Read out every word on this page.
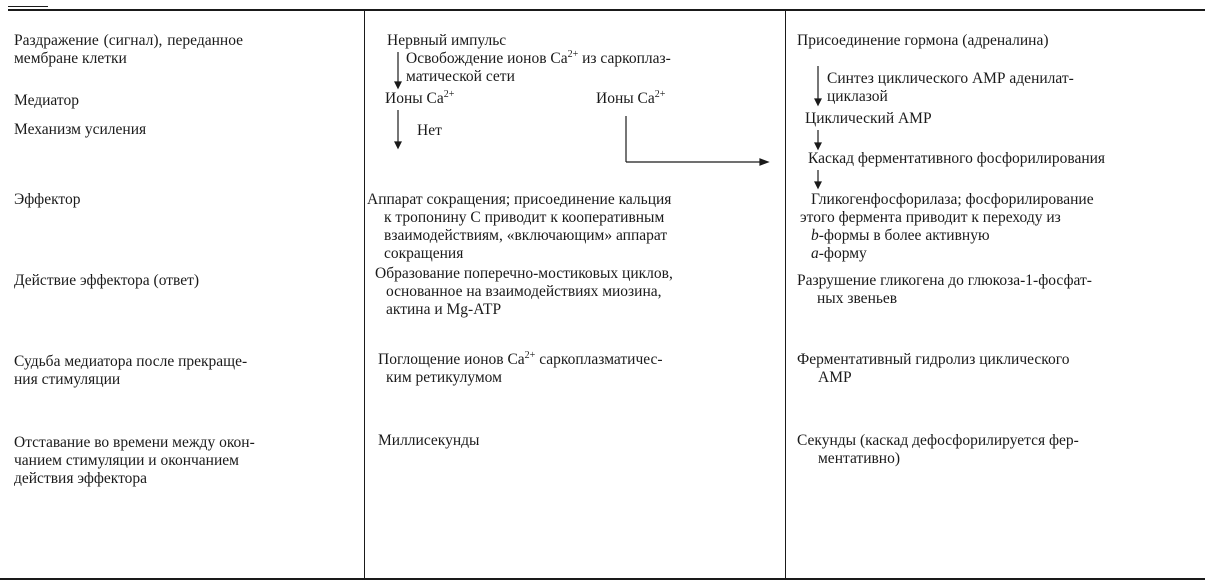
Раздражение (сигнал), переданное
мембране клетки
Медиатор
Механизм усиления
Эффектор
Действие эффектора (ответ)
Судьба медиатора после прекраще-
ния стимуляции
Отставание во времени между окон-
чанием стимуляции и окончанием
действия эффектора
Нервный импульс
Освобождение ионов $Са^{2+}$ из саркоплаз-
матической сети
Ионы $Са^{2+}$	Ионы $Са^{2+}$
Нет
Аппарат сокращения; присоединение кальция
к тропонину С приводит к кооперативным
взаимодействиям, «включающим» аппарат
сокращения
Образование поперечно-мостиковых циклов,
основанное на взаимодействиях миозина,
актина и Mg-АТР
Поглощение ионов $Са^{2+}$ саркоплазматичес-
ким ретикулумом
Миллисекунды
Присоединение гормона (адреналина)
Синтез циклического АМР аденилат-
циклазой
Циклический АМР
Каскад ферментативного фосфорилирования
Гликогенфосфорилаза; фосфорилирование
этого фермента приводит к переходу из
b-формы в более активную
a-форму
Разрушение гликогена до глюкоза-1-фосфат-
ных звеньев
Ферментативный гидролиз циклического
АМР
Секунды (каскад дефосфорилируется фер-
ментативно)
